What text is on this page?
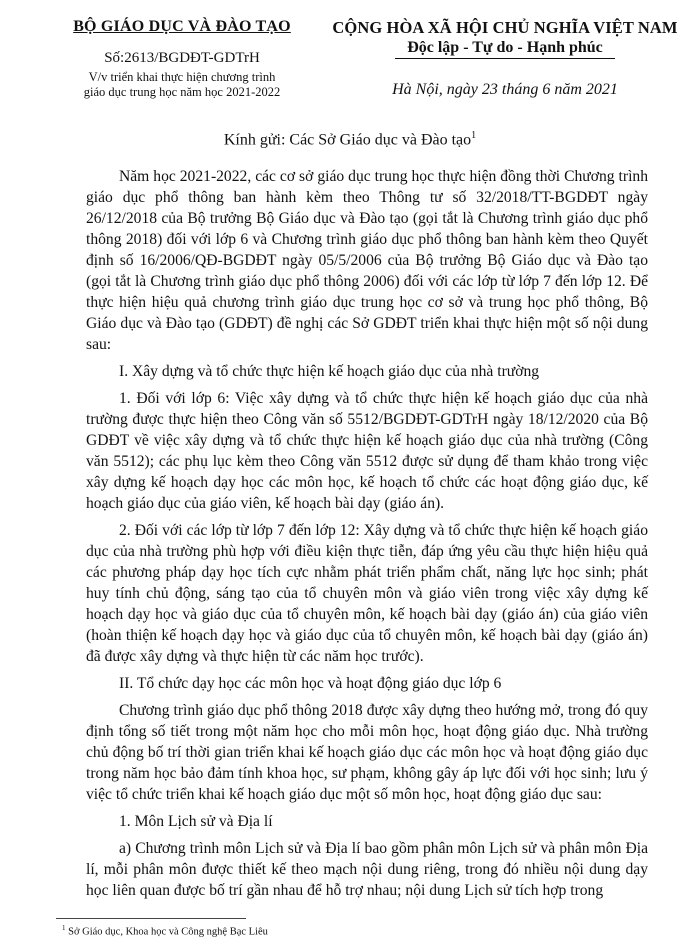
BỘ GIÁO DỤC VÀ ĐÀO TẠO
Số:2613/BGDĐT-GDTrH
V/v triển khai thực hiện chương trình
giáo dục trung học năm học 2021-2022
CỘNG HÒA XÃ HỘI CHỦ NGHĨA VIỆT NAM
Độc lập - Tự do - Hạnh phúc
Hà Nội, ngày 23 tháng 6 năm 2021
Kính gửi: Các Sở Giáo dục và Đào tạo$^1$

Năm học 2021-2022, các cơ sở giáo dục trung học thực hiện đồng thời Chương trình giáo dục phổ thông ban hành kèm theo Thông tư số 32/2018/TT-BGDĐT ngày 26/12/2018 của Bộ trưởng Bộ Giáo dục và Đào tạo (gọi tắt là Chương trình giáo dục phổ thông 2018) đối với lớp 6 và Chương trình giáo dục phổ thông ban hành kèm theo Quyết định số 16/2006/QĐ-BGDĐT ngày 05/5/2006 của Bộ trưởng Bộ Giáo dục và Đào tạo (gọi tắt là Chương trình giáo dục phổ thông 2006) đối với các lớp từ lớp 7 đến lớp 12. Để thực hiện hiệu quả chương trình giáo dục trung học cơ sở và trung học phổ thông, Bộ Giáo dục và Đào tạo (GDĐT) đề nghị các Sở GDĐT triển khai thực hiện một số nội dung sau:

I. Xây dựng và tổ chức thực hiện kế hoạch giáo dục của nhà trường

1. Đối với lớp 6: Việc xây dựng và tổ chức thực hiện kế hoạch giáo dục của nhà trường được thực hiện theo Công văn số 5512/BGDĐT-GDTrH ngày 18/12/2020 của Bộ GDĐT về việc xây dựng và tổ chức thực hiện kế hoạch giáo dục của nhà trường (Công văn 5512); các phụ lục kèm theo Công văn 5512 được sử dụng để tham khảo trong việc xây dựng kế hoạch dạy học các môn học, kế hoạch tổ chức các hoạt động giáo dục, kế hoạch giáo dục của giáo viên, kế hoạch bài dạy (giáo án).

2. Đối với các lớp từ lớp 7 đến lớp 12: Xây dựng và tổ chức thực hiện kế hoạch giáo dục của nhà trường phù hợp với điều kiện thực tiễn, đáp ứng yêu cầu thực hiện hiệu quả các phương pháp dạy học tích cực nhằm phát triển phẩm chất, năng lực học sinh; phát huy tính chủ động, sáng tạo của tổ chuyên môn và giáo viên trong việc xây dựng kế hoạch dạy học và giáo dục của tổ chuyên môn, kế hoạch bài dạy (giáo án) của giáo viên (hoàn thiện kế hoạch dạy học và giáo dục của tổ chuyên môn, kế hoạch bài dạy (giáo án) đã được xây dựng và thực hiện từ các năm học trước).

II. Tổ chức dạy học các môn học và hoạt động giáo dục lớp 6

Chương trình giáo dục phổ thông 2018 được xây dựng theo hướng mở, trong đó quy định tổng số tiết trong một năm học cho mỗi môn học, hoạt động giáo dục. Nhà trường chủ động bố trí thời gian triển khai kế hoạch giáo dục các môn học và hoạt động giáo dục trong năm học bảo đảm tính khoa học, sư phạm, không gây áp lực đối với học sinh; lưu ý việc tổ chức triển khai kế hoạch giáo dục một số môn học, hoạt động giáo dục sau:

1. Môn Lịch sử và Địa lí

a) Chương trình môn Lịch sử và Địa lí bao gồm phân môn Lịch sử và phân môn Địa lí, mỗi phân môn được thiết kế theo mạch nội dung riêng, trong đó nhiều nội dung dạy học liên quan được bố trí gần nhau để hỗ trợ nhau; nội dung Lịch sử tích hợp trong

$^1$ Sở Giáo dục, Khoa học và Công nghệ Bạc Liêu
